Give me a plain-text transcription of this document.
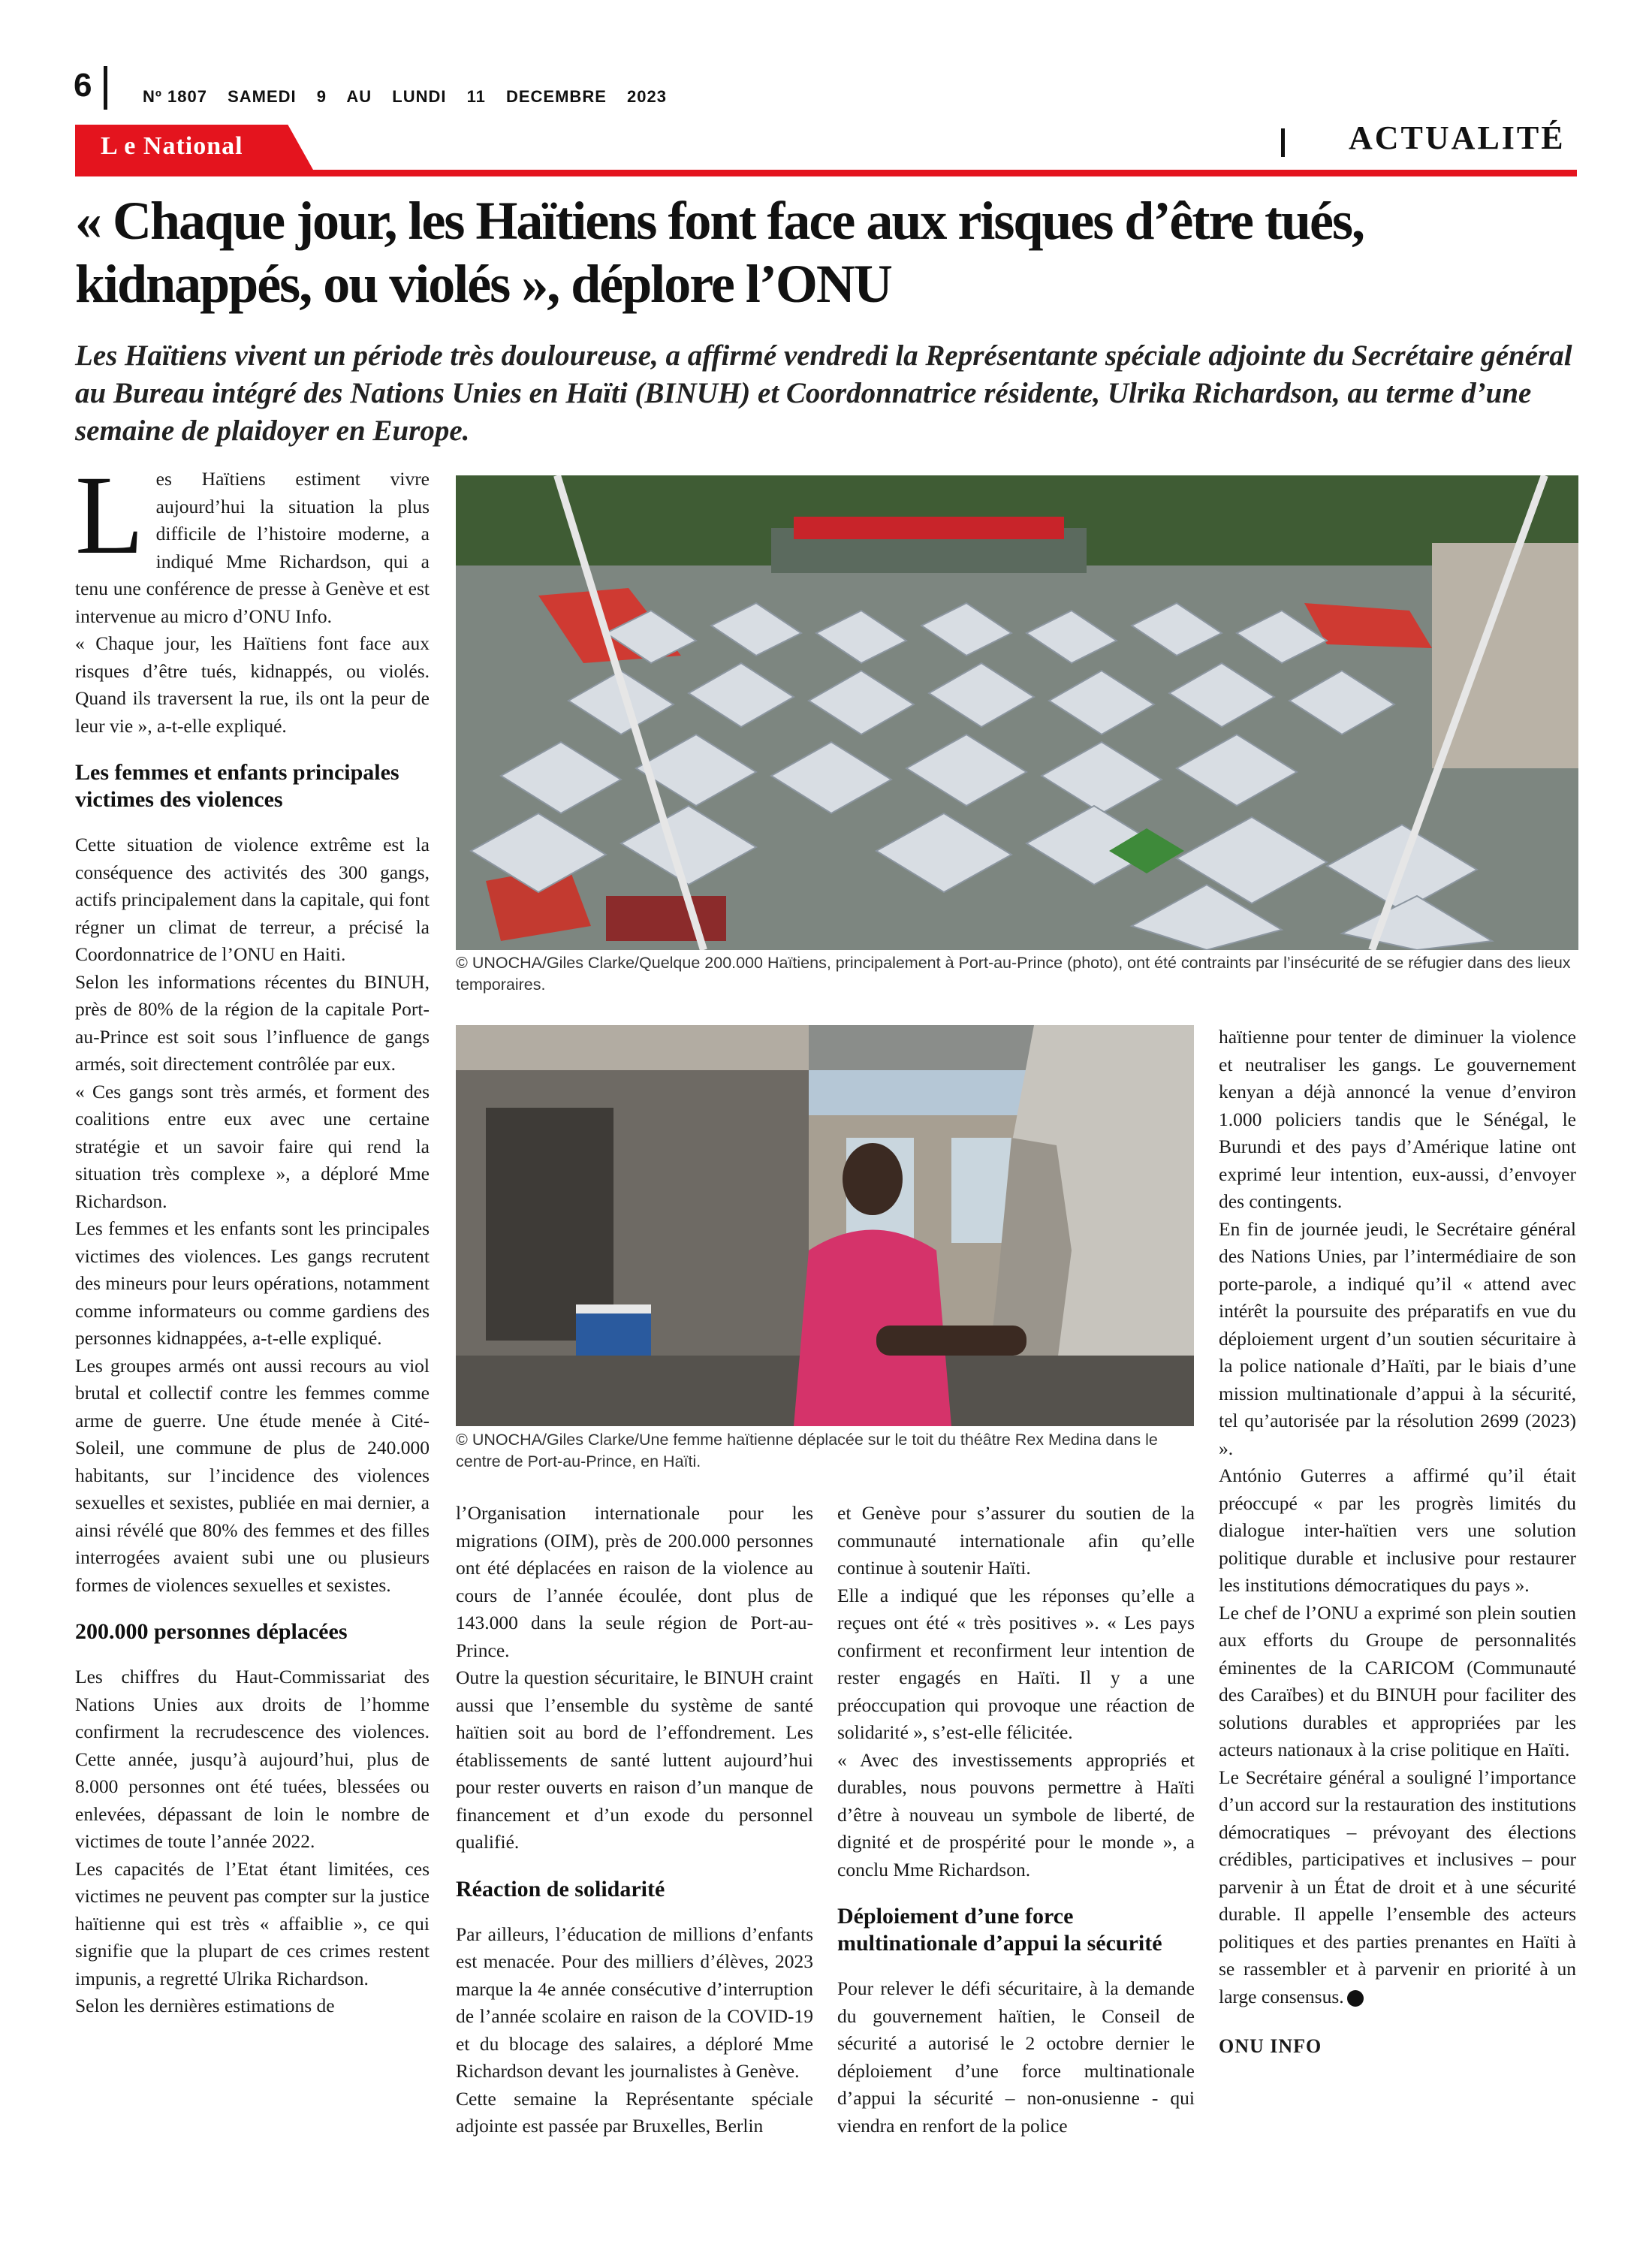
6	Nº 1807 SAMEDI 9 AU LUNDI 11 DECEMBRE 2023
L e National	ACTUALITÉ
« Chaque jour, les Haïtiens font face aux risques d’être tués, kidnappés, ou violés », déplore l’ONU
Les Haïtiens vivent un période très douloureuse, a affirmé vendredi la Représentante spéciale adjointe du Secrétaire général au Bureau intégré des Nations Unies en Haïti (BINUH) et Coordonnatrice résidente, Ulrika Richardson, au terme d’une semaine de plaidoyer en Europe.

Les Haïtiens estiment vivre aujourd’hui la situation la plus difficile de l’histoire moderne, a indiqué Mme Richardson, qui a tenu une conférence de presse à Genève et est intervenue au micro d’ONU Info.

« Chaque jour, les Haïtiens font face aux risques d’être tués, kidnappés, ou violés. Quand ils traversent la rue, ils ont la peur de leur vie », a-t-elle expliqué.

Les femmes et enfants principales victimes des violences

Cette situation de violence extrême est la conséquence des activités des 300 gangs, actifs principalement dans la capitale, qui font régner un climat de terreur, a précisé la Coordonnatrice de l’ONU en Haiti.

Selon les informations récentes du BINUH, près de 80% de la région de la capitale Port-au-Prince est soit sous l’influence de gangs armés, soit directement contrôlée par eux.

« Ces gangs sont très armés, et forment des coalitions entre eux avec une certaine stratégie et un savoir faire qui rend la situation très complexe », a déploré Mme Richardson.

Les femmes et les enfants sont les principales victimes des violences. Les gangs recrutent des mineurs pour leurs opérations, notamment comme informateurs ou comme gardiens des personnes kidnappées, a-t-elle expliqué.

Les groupes armés ont aussi recours au viol brutal et collectif contre les femmes comme arme de guerre. Une étude menée à Cité-Soleil, une commune de plus de 240.000 habitants, sur l’incidence des violences sexuelles et sexistes, publiée en mai dernier, a ainsi révélé que 80% des femmes et des filles interrogées avaient subi une ou plusieurs formes de violences sexuelles et sexistes.

200.000 personnes déplacées

Les chiffres du Haut-Commissariat des Nations Unies aux droits de l’homme confirment la recrudescence des violences. Cette année, jusqu’à aujourd’hui, plus de 8.000 personnes ont été tuées, blessées ou enlevées, dépassant de loin le nombre de victimes de toute l’année 2022.

Les capacités de l’Etat étant limitées, ces victimes ne peuvent pas compter sur la justice haïtienne qui est très « affaiblie », ce qui signifie que la plupart de ces crimes restent impunis, a regretté Ulrika Richardson.

Selon les dernières estimations de

© UNOCHA/Giles Clarke/Quelque 200.000 Haïtiens, principalement à Port-au-Prince (photo), ont été contraints par l’insécurité de se réfugier dans des lieux temporaires.
© UNOCHA/Giles Clarke/Une femme haïtienne déplacée sur le toit du théâtre Rex Medina dans le centre de Port-au-Prince, en Haïti.

l’Organisation internationale pour les migrations (OIM), près de 200.000 personnes ont été déplacées en raison de la violence au cours de l’année écoulée, dont plus de 143.000 dans la seule région de Port-au-Prince.

Outre la question sécuritaire, le BINUH craint aussi que l’ensemble du système de santé haïtien soit au bord de l’effondrement. Les établissements de santé luttent aujourd’hui pour rester ouverts en raison d’un manque de financement et d’un exode du personnel qualifié.

Réaction de solidarité

Par ailleurs, l’éducation de millions d’enfants est menacée. Pour des milliers d’élèves, 2023 marque la 4e année consécutive d’interruption de l’année scolaire en raison de la COVID-19 et du blocage des salaires, a déploré Mme Richardson devant les journalistes à Genève.

Cette semaine la Représentante spéciale adjointe est passée par Bruxelles, Berlin

et Genève pour s’assurer du soutien de la communauté internationale afin qu’elle continue à soutenir Haïti.

Elle a indiqué que les réponses qu’elle a reçues ont été « très positives ». « Les pays confirment et reconfirment leur intention de rester engagés en Haïti. Il y a une préoccupation qui provoque une réaction de solidarité », s’est-elle félicitée.

« Avec des investissements appropriés et durables, nous pouvons permettre à Haïti d’être à nouveau un symbole de liberté, de dignité et de prospérité pour le monde », a conclu Mme Richardson.

Déploiement d’une force multinationale d’appui la sécurité

Pour relever le défi sécuritaire, à la demande du gouvernement haïtien, le Conseil de sécurité a autorisé le 2 octobre dernier le déploiement d’une force multinationale d’appui la sécurité – non-onusienne - qui viendra en renfort de la police

haïtienne pour tenter de diminuer la violence et neutraliser les gangs. Le gouvernement kenyan a déjà annoncé la venue d’environ 1.000 policiers tandis que le Sénégal, le Burundi et des pays d’Amérique latine ont exprimé leur intention, eux-aussi, d’envoyer des contingents.

En fin de journée jeudi, le Secrétaire général des Nations Unies, par l’intermédiaire de son porte-parole, a indiqué qu’il « attend avec intérêt la poursuite des préparatifs en vue du déploiement urgent d’un soutien sécuritaire à la police nationale d’Haïti, par le biais d’une mission multinationale d’appui à la sécurité, tel qu’autorisée par la résolution 2699 (2023) ».

António Guterres a affirmé qu’il était préoccupé « par les progrès limités du dialogue inter-haïtien vers une solution politique durable et inclusive pour restaurer les institutions démocratiques du pays ».

Le chef de l’ONU a exprimé son plein soutien aux efforts du Groupe de personnalités éminentes de la CARICOM (Communauté des Caraïbes) et du BINUH pour faciliter des solutions durables et appropriées par les acteurs nationaux à la crise politique en Haïti.

Le Secrétaire général a souligné l’importance d’un accord sur la restauration des institutions démocratiques – prévoyant des élections crédibles, participatives et inclusives – pour parvenir à un État de droit et à une sécurité durable. Il appelle l’ensemble des acteurs politiques et des parties prenantes en Haïti à se rassembler et à parvenir en priorité à un large consensus.

ONU INFO
